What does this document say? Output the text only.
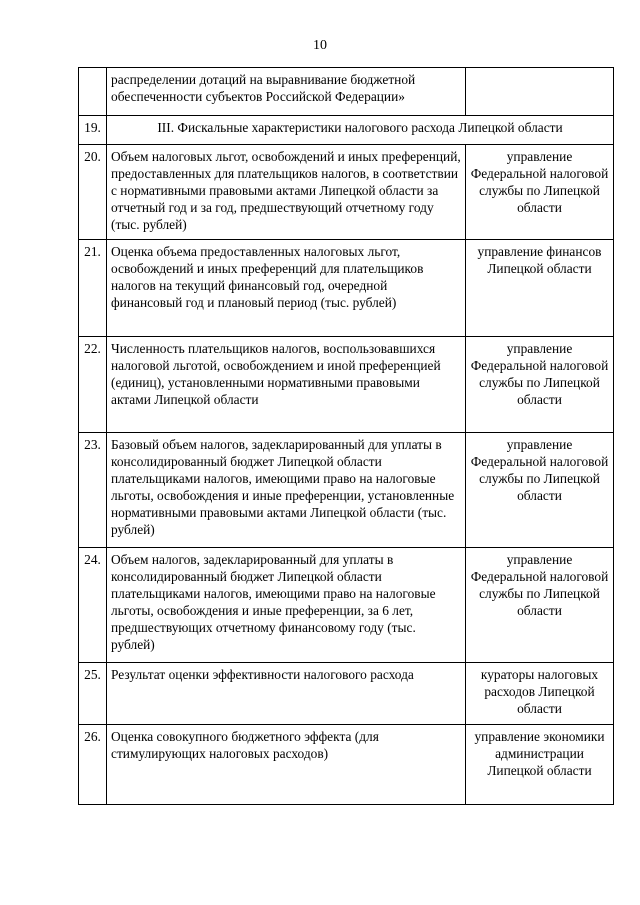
10
	распределении дотаций на выравнивание бюджетной обеспеченности субъектов Российской Федерации»	
19.	III. Фискальные характеристики налогового расхода Липецкой области	
20.	Объем налоговых льгот, освобождений и иных преференций, предоставленных для плательщиков налогов, в соответствии с нормативными правовыми актами Липецкой области за отчетный год и за год, предшествующий отчетному году (тыс. рублей)	управление Федеральной налоговой службы по Липецкой области
21.	Оценка объема предоставленных налоговых льгот, освобождений и иных преференций для плательщиков налогов на текущий финансовый год, очередной финансовый год и плановый период (тыс. рублей)	управление финансов Липецкой области
22.	Численность плательщиков налогов, воспользовавшихся налоговой льготой, освобождением и иной преференцией (единиц), установленными нормативными правовыми актами Липецкой области	управление Федеральной налоговой службы по Липецкой области
23.	Базовый объем налогов, задекларированный для уплаты в консолидированный бюджет Липецкой области плательщиками налогов, имеющими право на налоговые льготы, освобождения и иные преференции, установленные нормативными правовыми актами Липецкой области (тыс. рублей)	управление Федеральной налоговой службы по Липецкой области
24.	Объем налогов, задекларированный для уплаты в консолидированный бюджет Липецкой области плательщиками налогов, имеющими право на налоговые льготы, освобождения и иные преференции, за 6 лет, предшествующих отчетному финансовому году (тыс. рублей)	управление Федеральной налоговой службы по Липецкой области
25.	Результат оценки эффективности налогового расхода	кураторы налоговых расходов Липецкой области
26.	Оценка совокупного бюджетного эффекта (для стимулирующих налоговых расходов)	управление экономики администрации Липецкой области
